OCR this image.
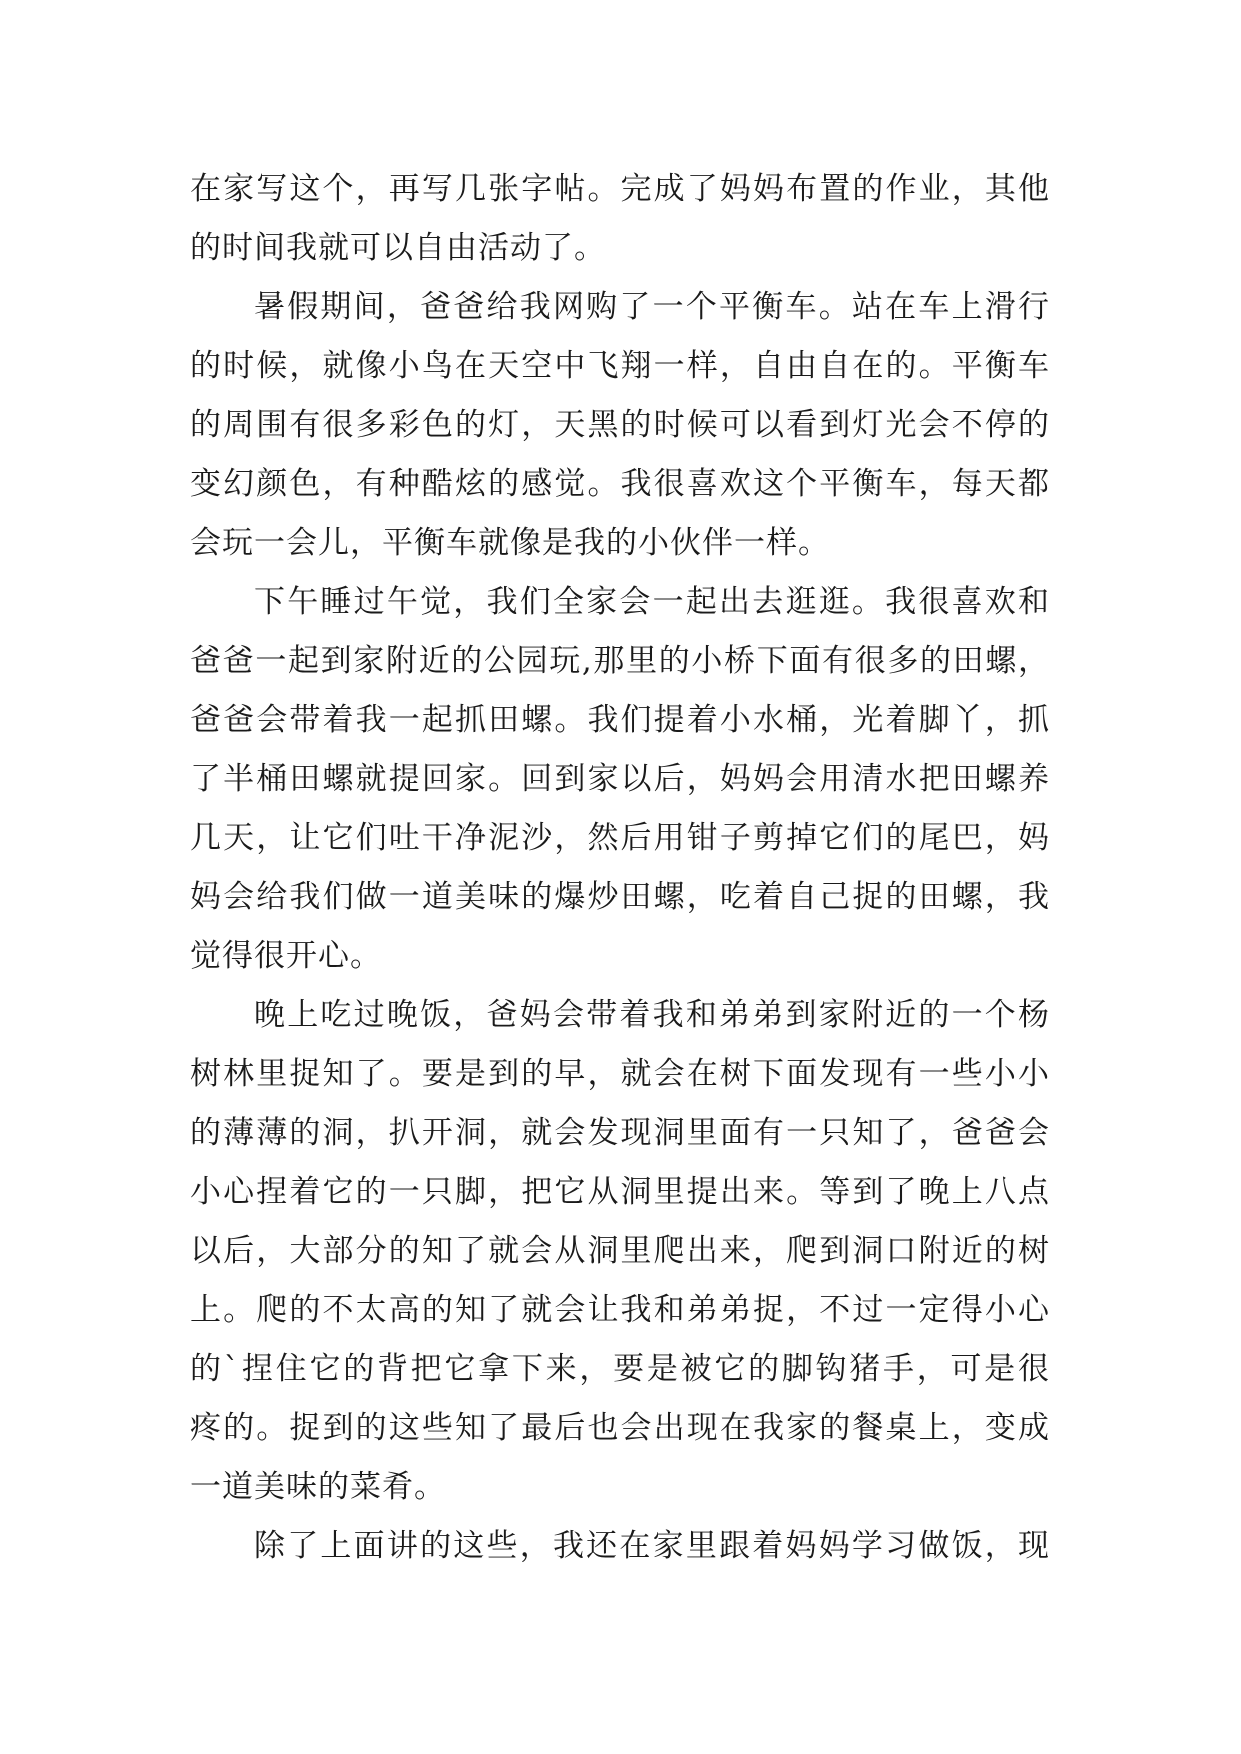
在家写这个，再写几张字帖。完成了妈妈布置的作业，其他
的时间我就可以自由活动了。
暑假期间，爸爸给我网购了一个平衡车。站在车上滑行
的时候，就像小鸟在天空中飞翔一样，自由自在的。平衡车
的周围有很多彩色的灯，天黑的时候可以看到灯光会不停的
变幻颜色，有种酷炫的感觉。我很喜欢这个平衡车，每天都
会玩一会儿，平衡车就像是我的小伙伴一样。
下午睡过午觉，我们全家会一起出去逛逛。我很喜欢和
爸爸一起到家附近的公园玩,那里的小桥下面有很多的田螺，
爸爸会带着我一起抓田螺。我们提着小水桶，光着脚丫，抓
了半桶田螺就提回家。回到家以后，妈妈会用清水把田螺养
几天，让它们吐干净泥沙，然后用钳子剪掉它们的尾巴，妈
妈会给我们做一道美味的爆炒田螺，吃着自己捉的田螺，我
觉得很开心。
晚上吃过晚饭，爸妈会带着我和弟弟到家附近的一个杨
树林里捉知了。要是到的早，就会在树下面发现有一些小小
的薄薄的洞，扒开洞，就会发现洞里面有一只知了，爸爸会
小心捏着它的一只脚，把它从洞里提出来。等到了晚上八点
以后，大部分的知了就会从洞里爬出来，爬到洞口附近的树
上。爬的不太高的知了就会让我和弟弟捉，不过一定得小心
的`捏住它的背把它拿下来，要是被它的脚钩猪手，可是很
疼的。捉到的这些知了最后也会出现在我家的餐桌上，变成
一道美味的菜肴。
除了上面讲的这些，我还在家里跟着妈妈学习做饭，现
